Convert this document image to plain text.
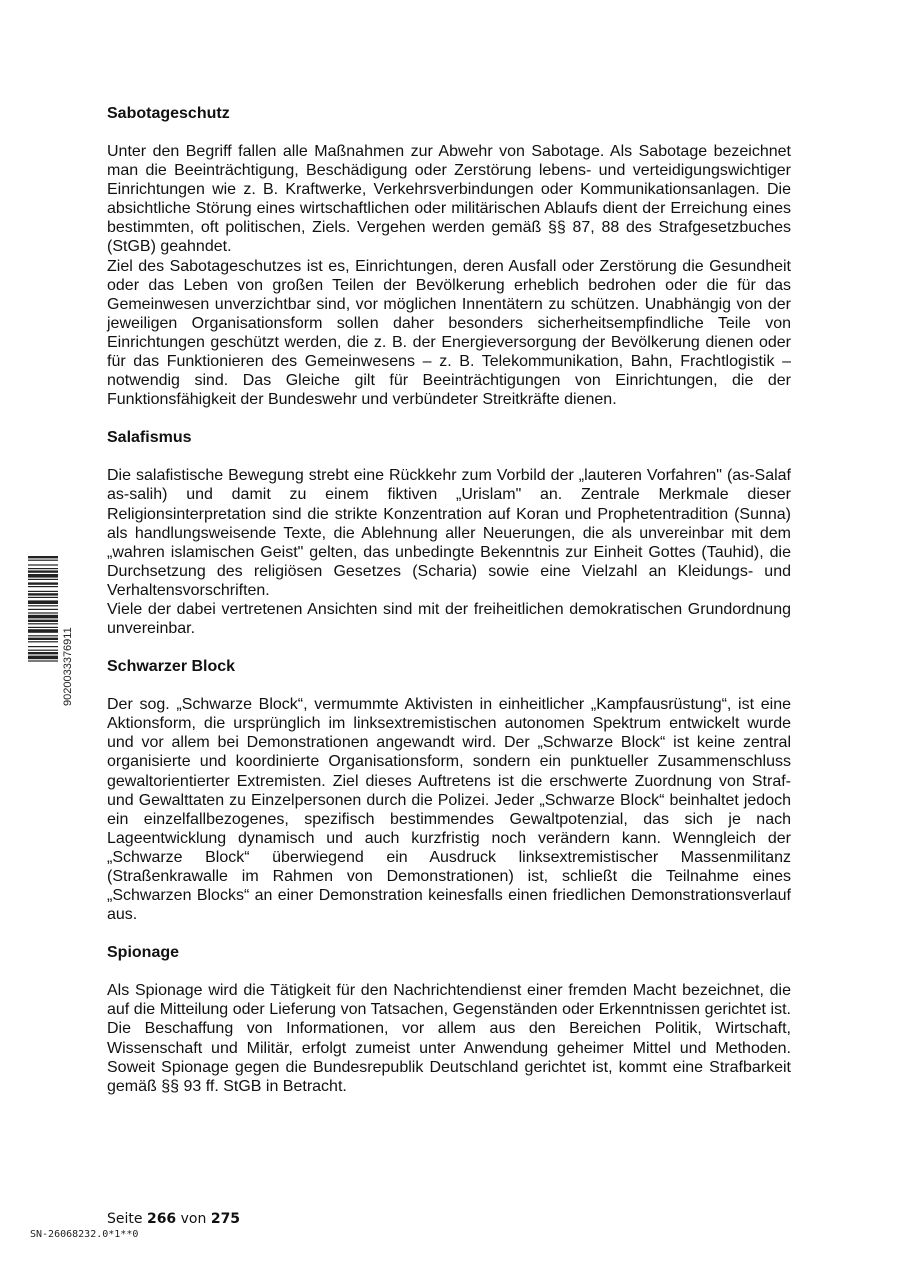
9020033376911
Sabotageschutz

Unter den Begriff fallen alle Maßnahmen zur Abwehr von Sabotage. Als Sabotage bezeichnet man die Beeinträchtigung, Beschädigung oder Zerstörung lebens- und verteidigungswichtiger Einrichtungen wie z. B. Kraftwerke, Verkehrsverbindungen oder Kommunikationsanlagen. Die absichtliche Störung eines wirtschaftlichen oder militärischen Ablaufs dient der Erreichung eines bestimmten, oft politischen, Ziels. Vergehen werden gemäß §§ 87, 88 des Strafgesetzbuches (StGB) geahndet.

Ziel des Sabotageschutzes ist es, Einrichtungen, deren Ausfall oder Zerstörung die Gesundheit oder das Leben von großen Teilen der Bevölkerung erheblich bedrohen oder die für das Gemeinwesen unverzichtbar sind, vor möglichen Innentätern zu schützen. Unabhängig von der jeweiligen Organisationsform sollen daher besonders sicherheitsempfindliche Teile von Einrichtungen geschützt werden, die z. B. der Energieversorgung der Bevölkerung dienen oder für das Funktionieren des Gemeinwesens – z. B. Telekommunikation, Bahn, Frachtlogistik – notwendig sind. Das Gleiche gilt für Beeinträchtigungen von Einrichtungen, die der Funktionsfähigkeit der Bundeswehr und verbündeter Streitkräfte dienen.

Salafismus

Die salafistische Bewegung strebt eine Rückkehr zum Vorbild der „lauteren Vorfahren" (as-Salaf as-salih) und damit zu einem fiktiven „Urislam" an. Zentrale Merkmale dieser Religionsinterpretation sind die strikte Konzentration auf Koran und Prophetentradition (Sunna) als handlungsweisende Texte, die Ablehnung aller Neuerungen, die als unvereinbar mit dem „wahren islamischen Geist" gelten, das unbedingte Bekenntnis zur Einheit Gottes (Tauhid), die Durchsetzung des religiösen Gesetzes (Scharia) sowie eine Vielzahl an Kleidungs- und Verhaltensvorschriften.

Viele der dabei vertretenen Ansichten sind mit der freiheitlichen demokratischen Grundordnung unvereinbar.

Schwarzer Block

Der sog. „Schwarze Block“, vermummte Aktivisten in einheitlicher „Kampfausrüstung“, ist eine Aktionsform, die ursprünglich im linksextremistischen autonomen Spektrum entwickelt wurde und vor allem bei Demonstrationen angewandt wird. Der „Schwarze Block“ ist keine zentral organisierte und koordinierte Organisationsform, sondern ein punktueller Zusammenschluss gewaltorientierter Extremisten. Ziel dieses Auftretens ist die erschwerte Zuordnung von Straf- und Gewalttaten zu Einzelpersonen durch die Polizei. Jeder „Schwarze Block“ beinhaltet jedoch ein einzelfallbezogenes, spezifisch bestimmendes Gewaltpotenzial, das sich je nach Lageentwicklung dynamisch und auch kurzfristig noch verändern kann. Wenngleich der „Schwarze Block“ überwiegend ein Ausdruck linksextremistischer Massenmilitanz (Straßenkrawalle im Rahmen von Demonstrationen) ist, schließt die Teilnahme eines „Schwarzen Blocks“ an einer Demonstration keinesfalls einen friedlichen Demonstrationsverlauf aus.

Spionage

Als Spionage wird die Tätigkeit für den Nachrichtendienst einer fremden Macht bezeichnet, die auf die Mitteilung oder Lieferung von Tatsachen, Gegenständen oder Erkenntnissen gerichtet ist. Die Beschaffung von Informationen, vor allem aus den Bereichen Politik, Wirtschaft, Wissenschaft und Militär, erfolgt zumeist unter Anwendung geheimer Mittel und Methoden. Soweit Spionage gegen die Bundesrepublik Deutschland gerichtet ist, kommt eine Strafbarkeit gemäß §§ 93 ff. StGB in Betracht.

Seite 266 von 275
SN-26068232.0*1**0
